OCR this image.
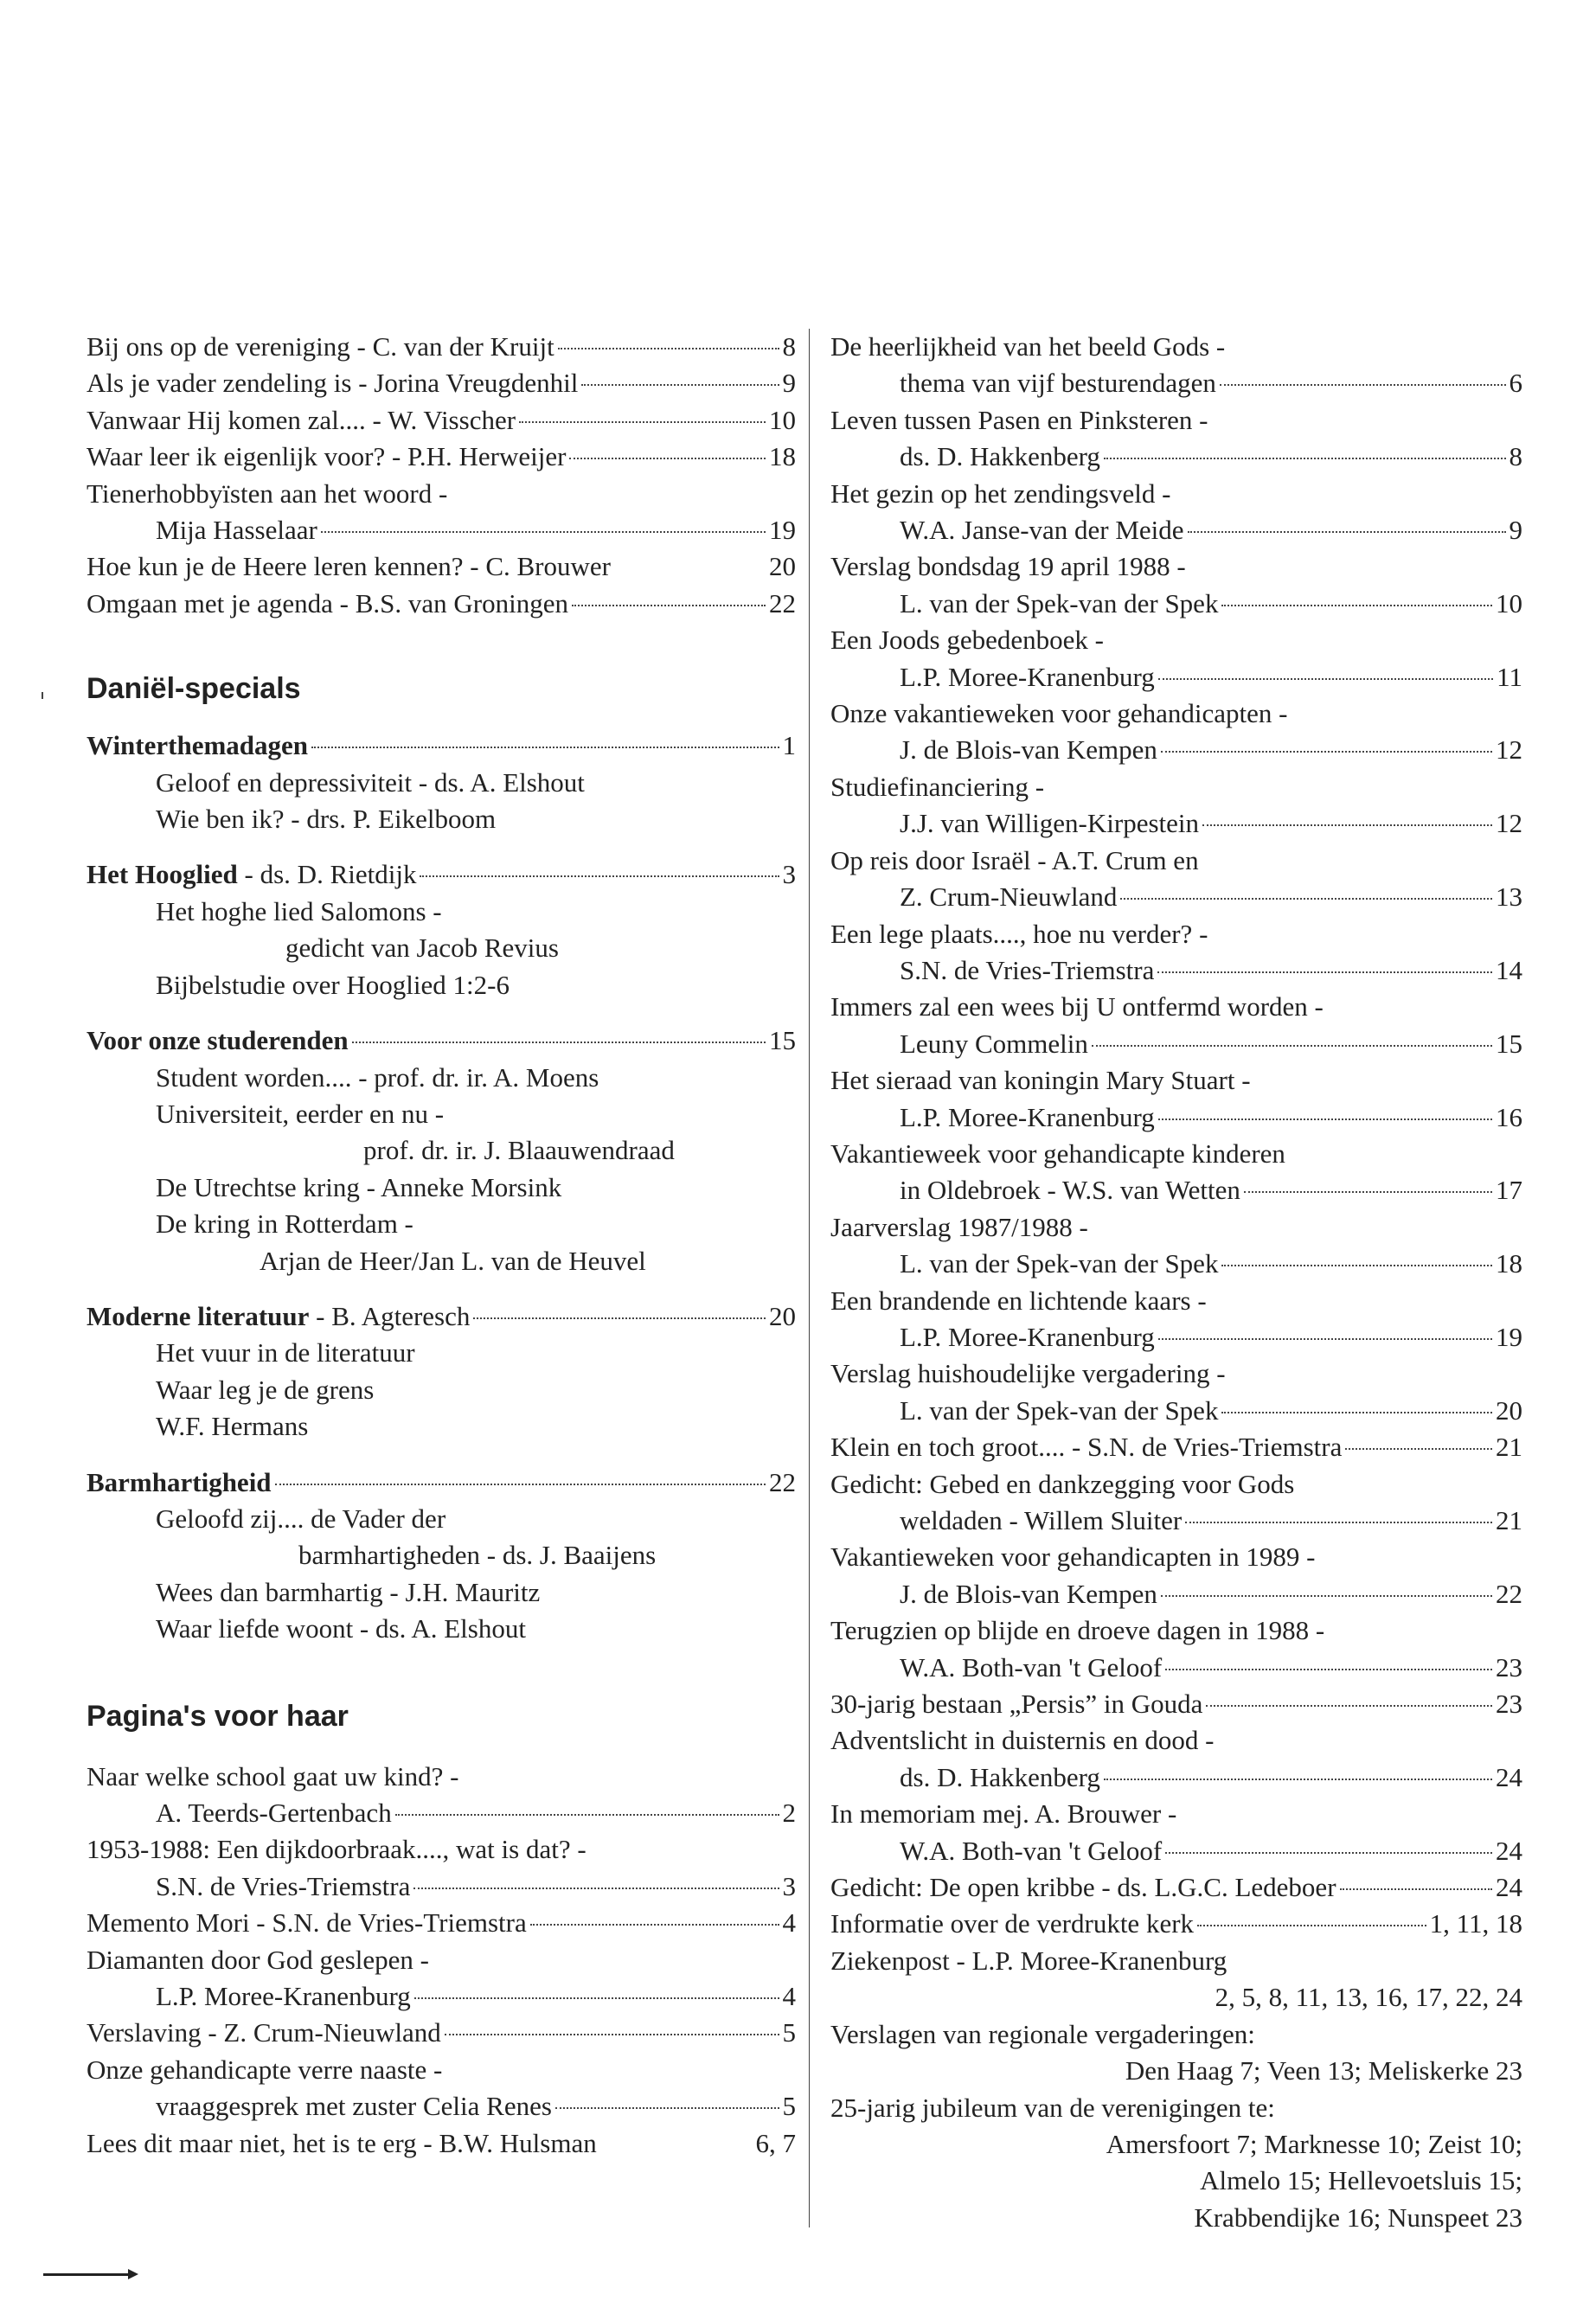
Bij ons op de vereniging - C. van der Kruijt	8
Als je vader zendeling is - Jorina Vreugdenhil	9
Vanwaar Hij komen zal.... - W. Visscher	10
Waar leer ik eigenlijk voor? - P.H. Herweijer	18
Tienerhobbyïsten aan het woord -
Mija Hasselaar	19
Hoe kun je de Heere leren kennen? - C. Brouwer	20
Omgaan met je agenda - B.S. van Groningen	22
Daniël-specials
Winterthemadagen	1
Geloof en depressiviteit - ds. A. Elshout
Wie ben ik? - drs. P. Eikelboom
Het Hooglied - ds. D. Rietdijk	3
Het hoghe lied Salomons -
gedicht van Jacob Revius
Bijbelstudie over Hooglied 1:2-6
Voor onze studerenden	15
Student worden.... - prof. dr. ir. A. Moens
Universiteit, eerder en nu -
prof. dr. ir. J. Blaauwendraad
De Utrechtse kring - Anneke Morsink
De kring in Rotterdam -
Arjan de Heer/Jan L. van de Heuvel
Moderne literatuur - B. Agteresch	20
Het vuur in de literatuur
Waar leg je de grens
W.F. Hermans
Barmhartigheid	22
Geloofd zij.... de Vader der
barmhartigheden - ds. J. Baaijens
Wees dan barmhartig - J.H. Mauritz
Waar liefde woont - ds. A. Elshout
Pagina's voor haar
Naar welke school gaat uw kind? -
A. Teerds-Gertenbach	2
1953-1988: Een dijkdoorbraak...., wat is dat? -
S.N. de Vries-Triemstra	3
Memento Mori - S.N. de Vries-Triemstra	4
Diamanten door God geslepen -
L.P. Moree-Kranenburg	4
Verslaving - Z. Crum-Nieuwland	5
Onze gehandicapte verre naaste -
vraaggesprek met zuster Celia Renes	5
Lees dit maar niet, het is te erg - B.W. Hulsman	6, 7
De heerlijkheid van het beeld Gods -
thema van vijf besturendagen	6
Leven tussen Pasen en Pinksteren -
ds. D. Hakkenberg	8
Het gezin op het zendingsveld -
W.A. Janse-van der Meide	9
Verslag bondsdag 19 april 1988 -
L. van der Spek-van der Spek	10
Een Joods gebedenboek -
L.P. Moree-Kranenburg	11
Onze vakantieweken voor gehandicapten -
J. de Blois-van Kempen	12
Studiefinanciering -
J.J. van Willigen-Kirpestein	12
Op reis door Israël - A.T. Crum en
Z. Crum-Nieuwland	13
Een lege plaats...., hoe nu verder? -
S.N. de Vries-Triemstra	14
Immers zal een wees bij U ontfermd worden -
Leuny Commelin	15
Het sieraad van koningin Mary Stuart -
L.P. Moree-Kranenburg	16
Vakantieweek voor gehandicapte kinderen
in Oldebroek - W.S. van Wetten	17
Jaarverslag 1987/1988 -
L. van der Spek-van der Spek	18
Een brandende en lichtende kaars -
L.P. Moree-Kranenburg	19
Verslag huishoudelijke vergadering -
L. van der Spek-van der Spek	20
Klein en toch groot.... - S.N. de Vries-Triemstra	21
Gedicht: Gebed en dankzegging voor Gods
weldaden - Willem Sluiter	21
Vakantieweken voor gehandicapten in 1989 -
J. de Blois-van Kempen	22
Terugzien op blijde en droeve dagen in 1988 -
W.A. Both-van 't Geloof	23
30-jarig bestaan „Persis” in Gouda	23
Adventslicht in duisternis en dood -
ds. D. Hakkenberg	24
In memoriam mej. A. Brouwer -
W.A. Both-van 't Geloof	24
Gedicht: De open kribbe - ds. L.G.C. Ledeboer	24
Informatie over de verdrukte kerk	1, 11, 18
Ziekenpost - L.P. Moree-Kranenburg
2, 5, 8, 11, 13, 16, 17, 22, 24
Verslagen van regionale vergaderingen:
Den Haag 7; Veen 13; Meliskerke 23
25-jarig jubileum van de verenigingen te:
Amersfoort 7; Marknesse 10; Zeist 10;
Almelo 15; Hellevoetsluis 15;
Krabbendijke 16; Nunspeet 23
